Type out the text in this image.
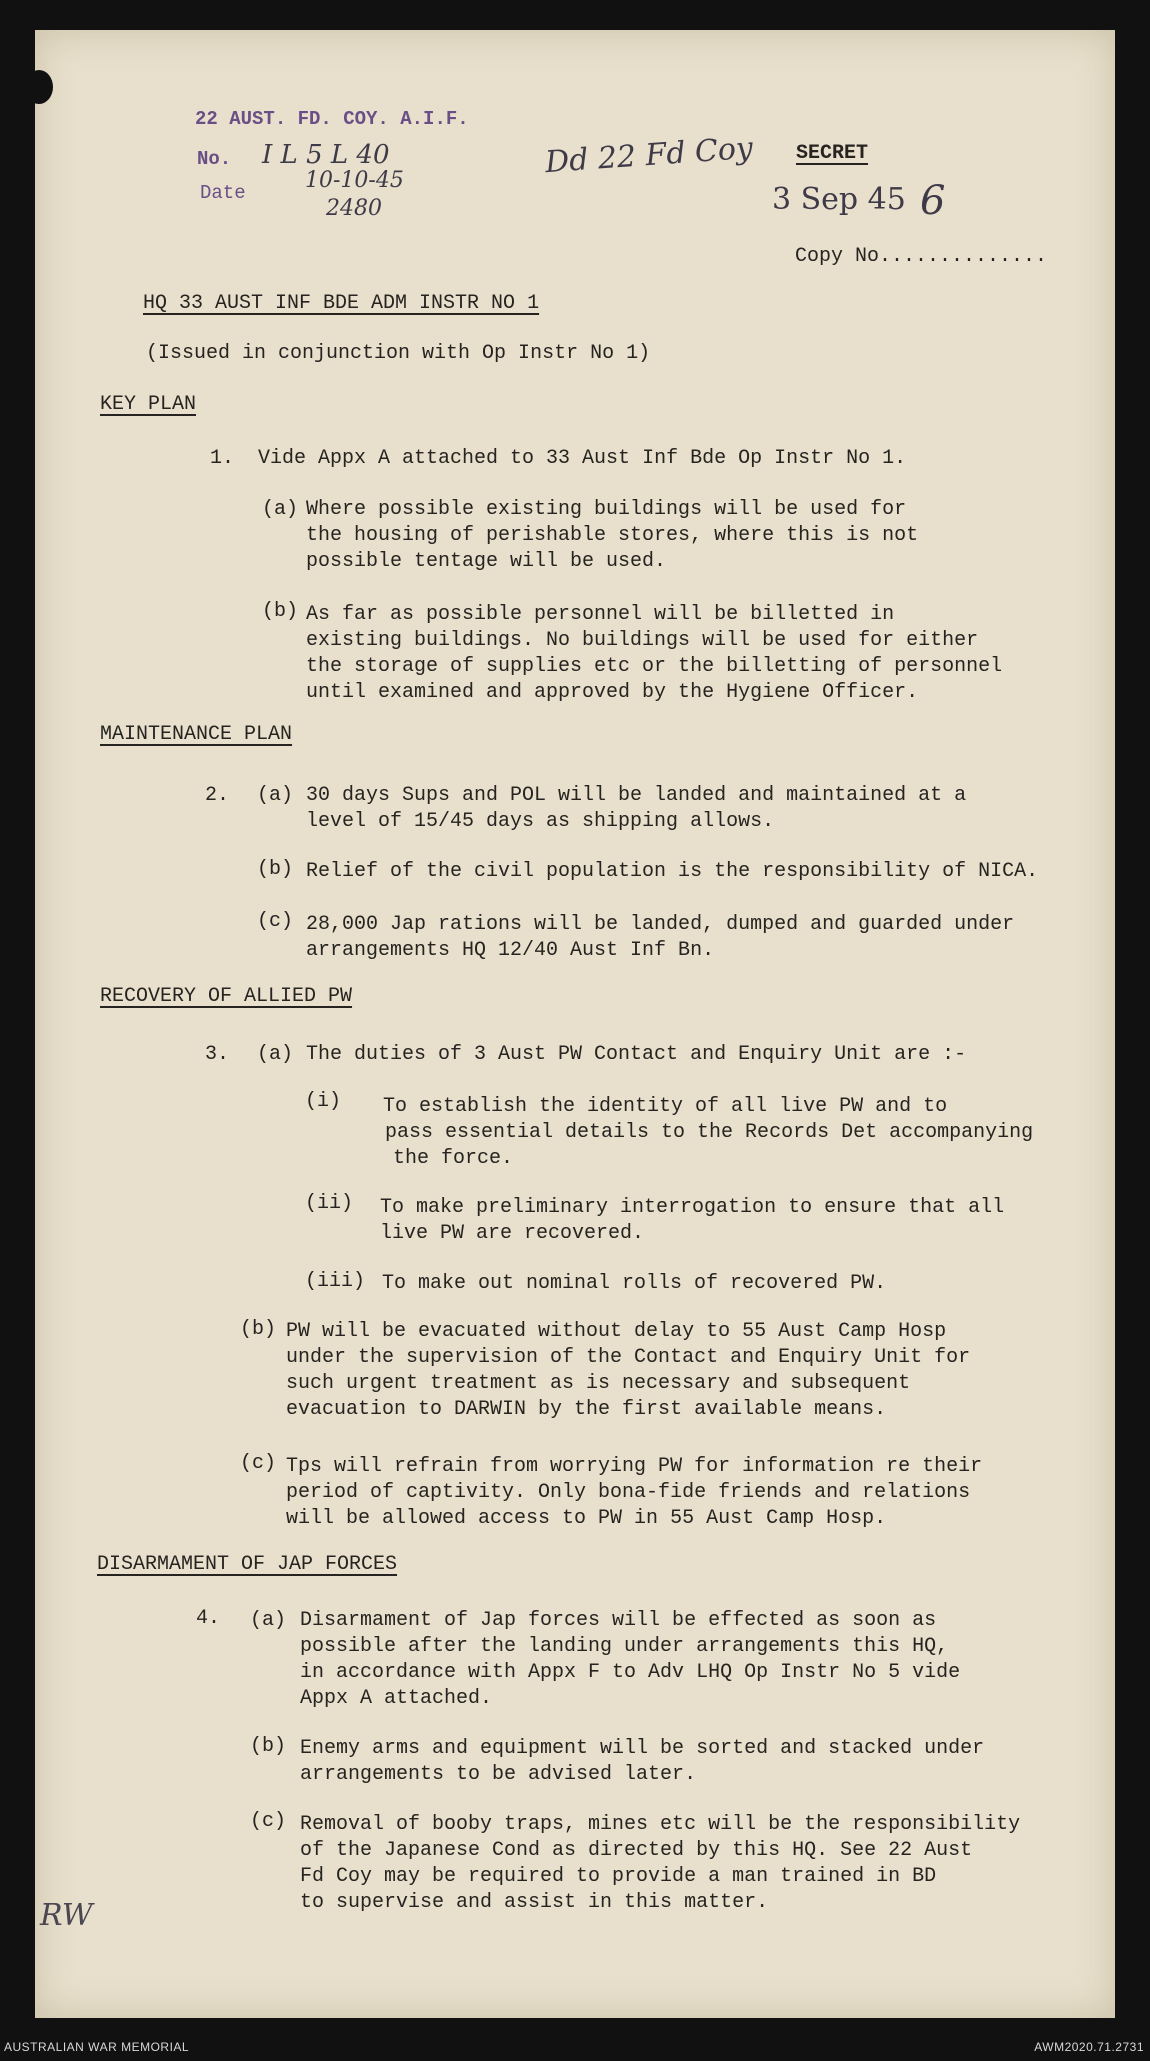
22 AUST. FD. COY. A.I.F.
No. I L 5 L 40
Date	10-10-45
2480
Dd 22 Fd Coy SECRET
3 Sep 45 6
Copy No..............
HQ 33 AUST INF BDE ADM INSTR NO 1
(Issued in conjunction with Op Instr No 1)
KEY PLAN
1. Vide Appx A attached to 33 Aust Inf Bde Op Instr No 1.
(a) Where possible existing buildings will be used for
the housing of perishable stores, where this is not
possible tentage will be used.
(b) As far as possible personnel will be billetted in
existing buildings. No buildings will be used for either
the storage of supplies etc or the billetting of personnel
until examined and approved by the Hygiene Officer.
MAINTENANCE PLAN
2. (a) 30 days Sups and POL will be landed and maintained at a
level of 15/45 days as shipping allows.
(b) Relief of the civil population is the responsibility of NICA.
(c) 28,000 Jap rations will be landed, dumped and guarded under
arrangements HQ 12/40 Aust Inf Bn.
RECOVERY OF ALLIED PW
3. (a) The duties of 3 Aust PW Contact and Enquiry Unit are :-
(i) To establish the identity of all live PW and to
pass essential details to the Records Det accompanying
the force.
(ii) To make preliminary interrogation to ensure that all
live PW are recovered.
(iii) To make out nominal rolls of recovered PW.
(b) PW will be evacuated without delay to 55 Aust Camp Hosp
under the supervision of the Contact and Enquiry Unit for
such urgent treatment as is necessary and subsequent
evacuation to DARWIN by the first available means.
(c) Tps will refrain from worrying PW for information re their
period of captivity. Only bona-fide friends and relations
will be allowed access to PW in 55 Aust Camp Hosp.
DISARMAMENT OF JAP FORCES
4. (a) Disarmament of Jap forces will be effected as soon as
possible after the landing under arrangements this HQ,
in accordance with Appx F to Adv LHQ Op Instr No 5 vide
Appx A attached.
(b) Enemy arms and equipment will be sorted and stacked under
arrangements to be advised later.
(c) Removal of booby traps, mines etc will be the responsibility
of the Japanese Cond as directed by this HQ. See 22 Aust
Fd Coy may be required to provide a man trained in BD
to supervise and assist in this matter.
RW
AUSTRALIAN WAR MEMORIAL	AWM2020.71.2731
